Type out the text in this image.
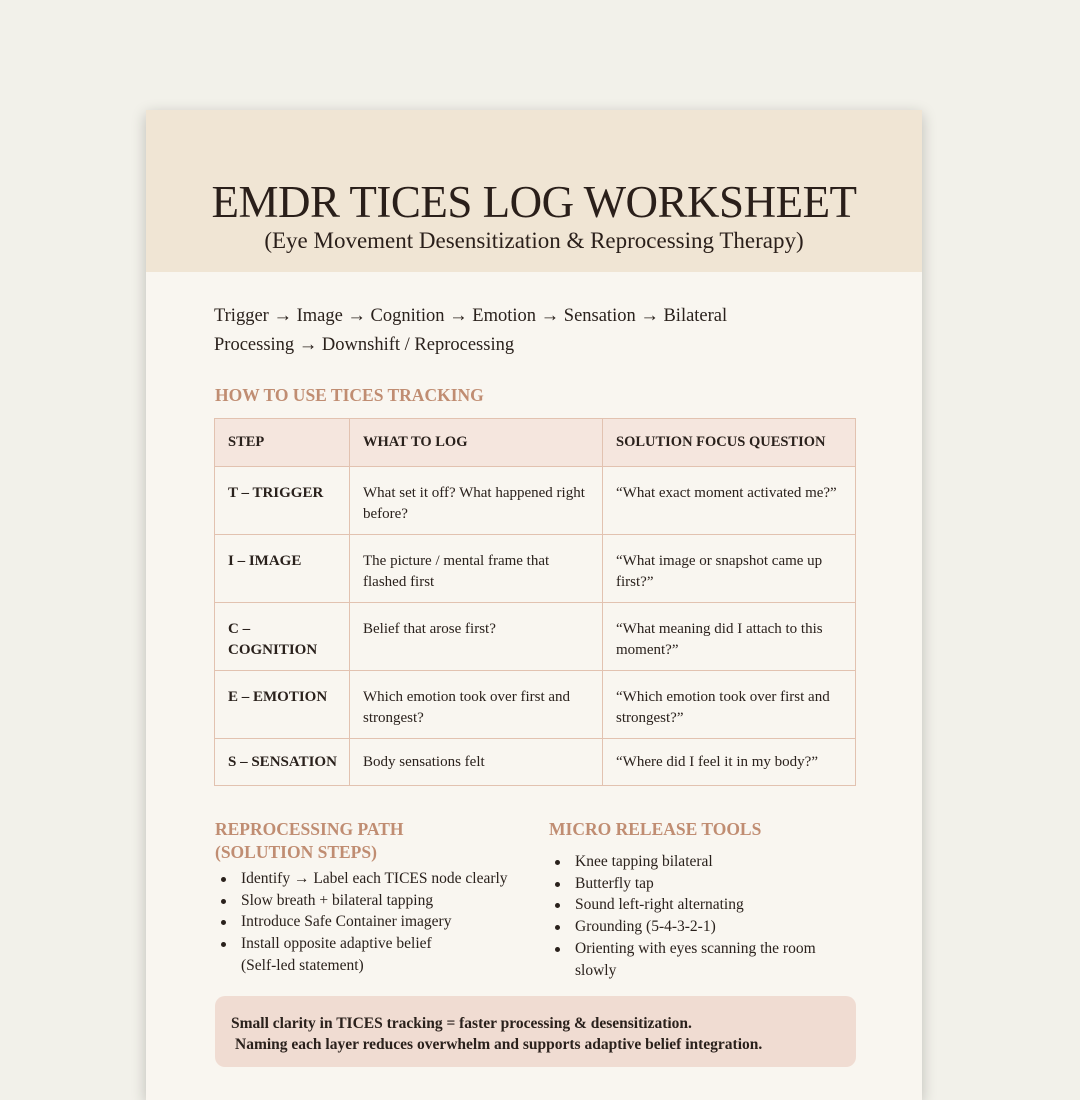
EMDR TICES LOG WORKSHEET
(Eye Movement Desensitization & Reprocessing Therapy)
Trigger → Image → Cognition → Emotion → Sensation → Bilateral
Processing → Downshift / Reprocessing
HOW TO USE TICES TRACKING
STEP	WHAT TO LOG	SOLUTION FOCUS QUESTION
T – TRIGGER	What set it off? What happened right before?	“What exact moment activated me?”
I – IMAGE	The picture / mental frame that flashed first	“What image or snapshot came up first?”
C – COGNITION	Belief that arose first?	“What meaning did I attach to this moment?”
E – EMOTION	Which emotion took over first and strongest?	“Which emotion took over first and strongest?”
S – SENSATION	Body sensations felt	“Where did I feel it in my body?”
REPROCESSING PATH
(SOLUTION STEPS)
Identify → Label each TICES node clearly
Slow breath + bilateral tapping
Introduce Safe Container imagery
Install opposite adaptive belief (Self-led statement)
MICRO RELEASE TOOLS
Knee tapping bilateral
Butterfly tap
Sound left-right alternating
Grounding (5-4-3-2-1)
Orienting with eyes scanning the room slowly
Small clarity in TICES tracking = faster processing & desensitization.
Naming each layer reduces overwhelm and supports adaptive belief integration.
